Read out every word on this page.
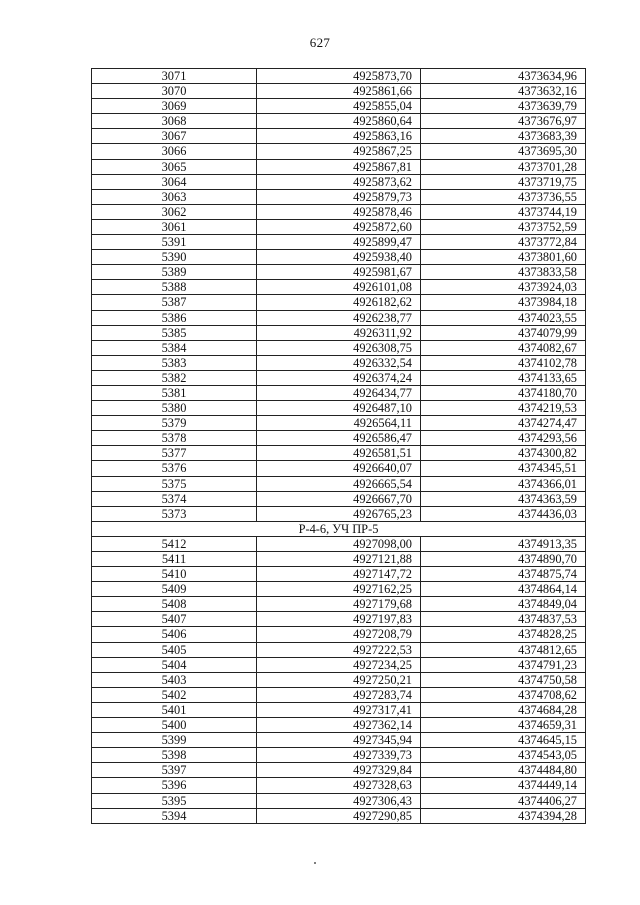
627
3071	4925873,70	4373634,96
3070	4925861,66	4373632,16
3069	4925855,04	4373639,79
3068	4925860,64	4373676,97
3067	4925863,16	4373683,39
3066	4925867,25	4373695,30
3065	4925867,81	4373701,28
3064	4925873,62	4373719,75
3063	4925879,73	4373736,55
3062	4925878,46	4373744,19
3061	4925872,60	4373752,59
5391	4925899,47	4373772,84
5390	4925938,40	4373801,60
5389	4925981,67	4373833,58
5388	4926101,08	4373924,03
5387	4926182,62	4373984,18
5386	4926238,77	4374023,55
5385	4926311,92	4374079,99
5384	4926308,75	4374082,67
5383	4926332,54	4374102,78
5382	4926374,24	4374133,65
5381	4926434,77	4374180,70
5380	4926487,10	4374219,53
5379	4926564,11	4374274,47
5378	4926586,47	4374293,56
5377	4926581,51	4374300,82
5376	4926640,07	4374345,51
5375	4926665,54	4374366,01
5374	4926667,70	4374363,59
5373	4926765,23	4374436,03
Р-4-6, УЧ ПР-5		
5412	4927098,00	4374913,35
5411	4927121,88	4374890,70
5410	4927147,72	4374875,74
5409	4927162,25	4374864,14
5408	4927179,68	4374849,04
5407	4927197,83	4374837,53
5406	4927208,79	4374828,25
5405	4927222,53	4374812,65
5404	4927234,25	4374791,23
5403	4927250,21	4374750,58
5402	4927283,74	4374708,62
5401	4927317,41	4374684,28
5400	4927362,14	4374659,31
5399	4927345,94	4374645,15
5398	4927339,73	4374543,05
5397	4927329,84	4374484,80
5396	4927328,63	4374449,14
5395	4927306,43	4374406,27
5394	4927290,85	4374394,28
